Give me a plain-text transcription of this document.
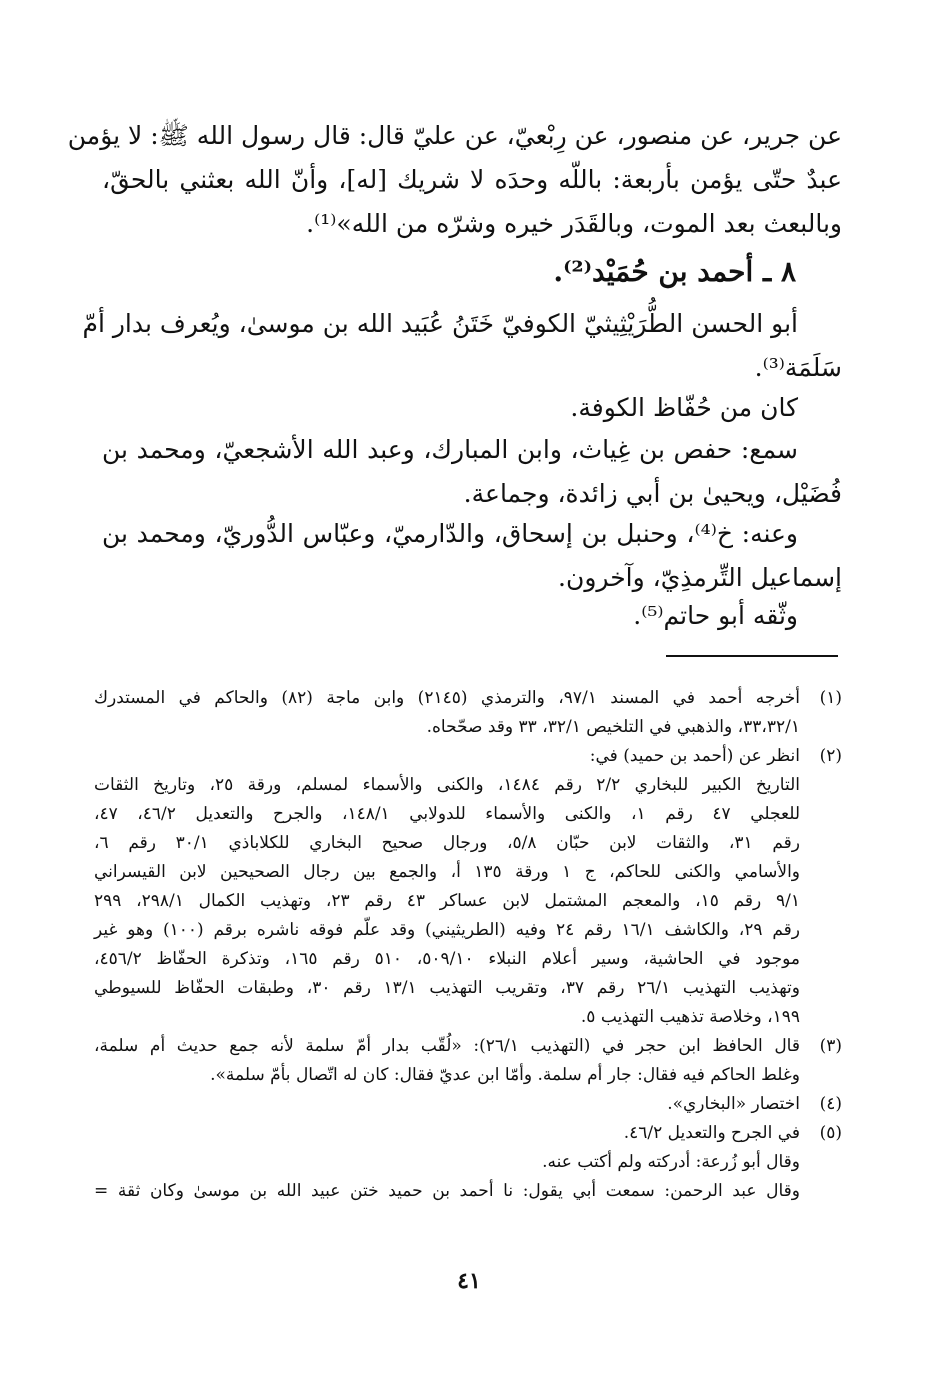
عن جرير، عن منصور، عن رِبْعيّ، عن عليّ قال: قال رسول الله ﷺ: لا يؤمن
عبدٌ حتّى يؤمن بأربعة: باللّه وحدَه لا شريك [له]، وأنّ الله بعثني بالحقّ،
وبالبعث بعد الموت، وبالقَدَر خيره وشرّه من الله»⁽¹⁾.
٨ ـ أحمد بن حُمَيْد⁽²⁾.
أبو الحسن الطُّرَيْثِيثيّ الكوفيّ خَتَنُ عُبَيد الله بن موسىٰ، ويُعرف بدار أمّ
سَلَمَة⁽³⁾.
كان من حُفّاظ الكوفة.
سمع: حفص بن غِياث، وابن المبارك، وعبد الله الأشجعيّ، ومحمد بن
فُضَيْل، ويحيىٰ بن أبي زائدة، وجماعة.
وعنه: خ⁽⁴⁾، وحنبل بن إسحاق، والدّارميّ، وعبّاس الدُّوريّ، ومحمد بن
إسماعيل التِّرمذِيّ، وآخرون.
وثّقه أبو حاتم⁽⁵⁾.
(١)
أخرجه أحمد في المسند ٩٧/١، والترمذي (٢١٤٥) وابن ماجة (٨٢) والحاكم في المستدرك
٣٣،٣٢/١، والذهبي في التلخيص ٣٢/١، ٣٣ وقد صحّحاه.
(٢)
انظر عن (أحمد بن حميد) في:
التاريخ الكبير للبخاري ٢/٢ رقم ١٤٨٤، والكنى والأسماء لمسلم، ورقة ٢٥، وتاريخ الثقات
للعجلي ٤٧ رقم ١، والكنى والأسماء للدولابي ١٤٨/١، والجرح والتعديل ٤٦/٢، ٤٧،
رقم ٣١، والثقات لابن حبّان ٥/٨، ورجال صحيح البخاري للكلاباذي ٣٠/١ رقم ٦،
والأسامي والكنى للحاكم، ج ١ ورقة ١٣٥ أ، والجمع بين رجال الصحيحين لابن القيسراني
٩/١ رقم ١٥، والمعجم المشتمل لابن عساكر ٤٣ رقم ٢٣، وتهذيب الكمال ٢٩٨/١، ٢٩٩
رقم ٢٩، والكاشف ١٦/١ رقم ٢٤ وفيه (الطريثيني) وقد علّم فوقه ناشره برقم (١٠٠) وهو غير
موجود في الحاشية، وسير أعلام النبلاء ٥٠٩/١٠، ٥١٠ رقم ١٦٥، وتذكرة الحفّاظ ٤٥٦/٢،
وتهذيب التهذيب ٢٦/١ رقم ٣٧، وتقريب التهذيب ١٣/١ رقم ٣٠، وطبقات الحفّاظ للسيوطي
١٩٩، وخلاصة تذهيب التهذيب ٥.
(٣)
قال الحافظ ابن حجر في (التهذيب ٢٦/١): «لُقّب بدار أمّ سلمة لأنه جمع حديث أم سلمة،
وغلط الحاكم فيه فقال: جار أم سلمة. وأمّا ابن عديّ فقال: كان له اتّصال بأمّ سلمة».
(٤)
اختصار «البخاري».
(٥)
في الجرح والتعديل ٤٦/٢.
وقال أبو زُرعة: أدركته ولم أكتب عنه.
وقال عبد الرحمن: سمعت أبي يقول: نا أحمد بن حميد ختن عبيد الله بن موسىٰ وكان ثقة =
٤١
